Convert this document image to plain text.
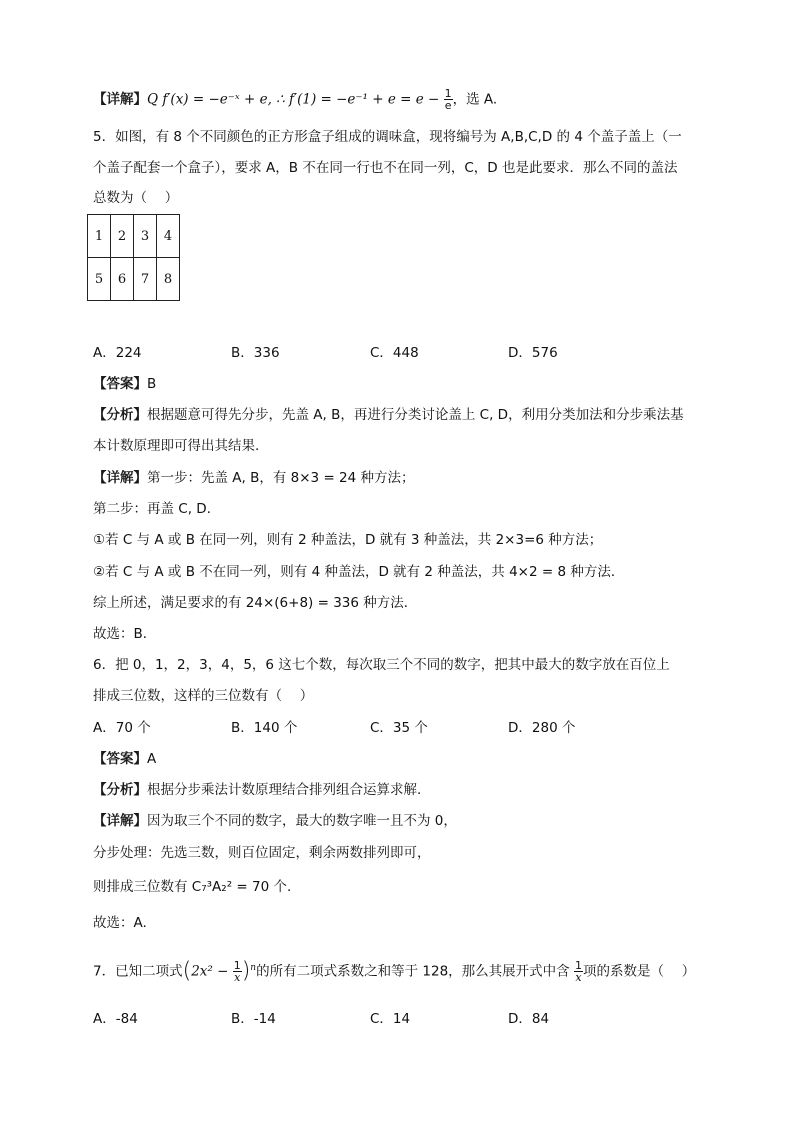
【详解】Q f′(x) = −e⁻ˣ + e, ∴ $f'(1) = -e^{-1} + e = e - \frac{1}{e}$ ，选 A.
5．如图，有 8 个不同颜色的正方形盒子组成的调味盒，现将编号为 A,B,C,D 的 4 个盖子盖上（一
个盖子配套一个盒子），要求 A，B 不在同一行也不在同一列，C，D 也是此要求．那么不同的盖法
总数为（　 ）
1	2	3	4
5	6	7	8
A．224	B．336	C．448	D．576
【答案】B
【分析】根据题意可得先分步，先盖 A, B，再进行分类讨论盖上 C, D，利用分类加法和分步乘法基
本计数原理即可得出其结果.
【详解】第一步：先盖 A, B，有 8×3 = 24 种方法；
第二步：再盖 C, D．
①若 C 与 A 或 B 在同一列，则有 2 种盖法，D 就有 3 种盖法，共 2×3=6 种方法；
②若 C 与 A 或 B 不在同一列，则有 4 种盖法，D 就有 2 种盖法，共 4×2 = 8 种方法．
综上所述，满足要求的有 24×(6+8) = 336 种方法．
故选：B．
6．把 0，1，2，3，4，5，6 这七个数，每次取三个不同的数字，把其中最大的数字放在百位上
排成三位数，这样的三位数有（　 ）
A．70 个	B．140 个	C．35 个	D．280 个
【答案】A
【分析】根据分步乘法计数原理结合排列组合运算求解.
【详解】因为取三个不同的数字，最大的数字唯一且不为 0，
分步处理：先选三数，则百位固定，剩余两数排列即可，
则排成三位数有 C₇³A₂² = 70 个.
故选：A.
7．已知二项式$(2x^2 - \frac{1}{x} )^n$的所有二项式系数之和等于 128，那么其展开式中含 $\frac{1}{x}$ 项的系数是（　 ）
A．-84	B．-14	C．14	D．84
